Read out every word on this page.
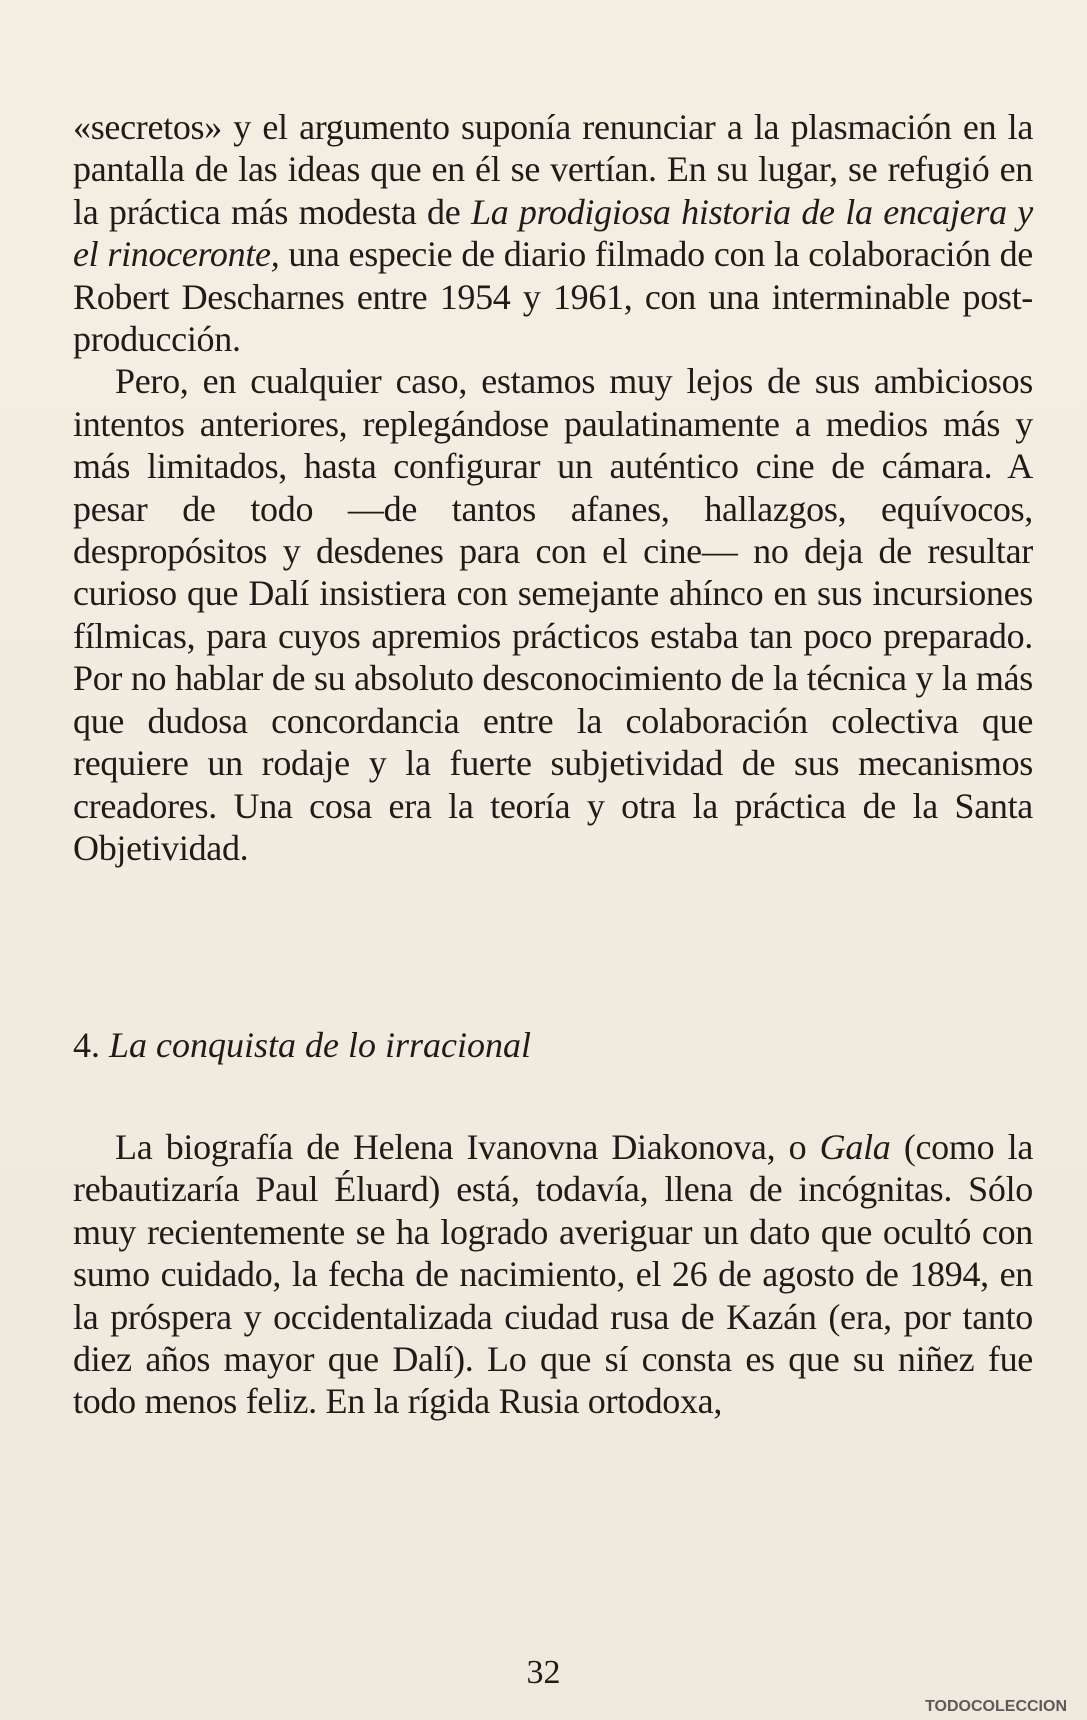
«secretos» y el argumento suponía renunciar a la plasmación en la pantalla de las ideas que en él se vertían. En su lugar, se refugió en la práctica más modesta de La prodigiosa historia de la encajera y el rinoceronte, una especie de diario filmado con la colaboración de Robert Descharnes entre 1954 y 1961, con una interminable post-producción.

Pero, en cualquier caso, estamos muy lejos de sus ambiciosos intentos anteriores, replegándose paulatinamente a medios más y más limitados, hasta configurar un auténtico cine de cámara. A pesar de todo —de tantos afanes, hallazgos, equívocos, despropósitos y desdenes para con el cine— no deja de resultar curioso que Dalí insistiera con semejante ahínco en sus incursiones fílmicas, para cuyos apremios prácticos estaba tan poco preparado. Por no hablar de su absoluto desconocimiento de la técnica y la más que dudosa concordancia entre la colaboración colectiva que requiere un rodaje y la fuerte subjetividad de sus mecanismos creadores. Una cosa era la teoría y otra la práctica de la Santa Objetividad.

4. La conquista de lo irracional

La biografía de Helena Ivanovna Diakonova, o Gala (como la rebautizaría Paul Éluard) está, todavía, llena de incógnitas. Sólo muy recientemente se ha logrado averiguar un dato que ocultó con sumo cuidado, la fecha de nacimiento, el 26 de agosto de 1894, en la próspera y occidentalizada ciudad rusa de Kazán (era, por tanto diez años mayor que Dalí). Lo que sí consta es que su niñez fue todo menos feliz. En la rígida Rusia ortodoxa,

32
TODOCOLECCION
